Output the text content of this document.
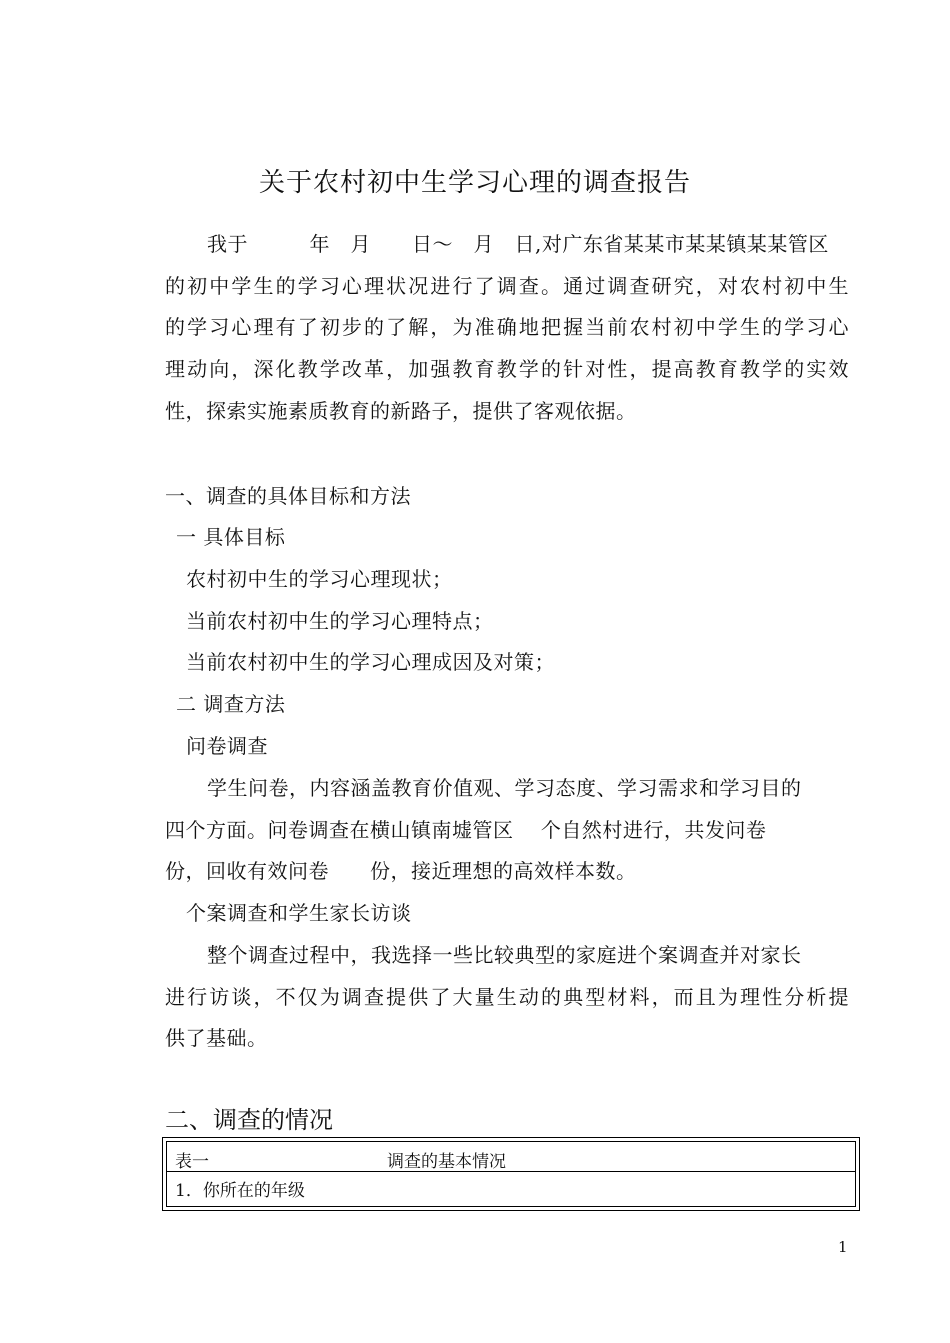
关于农村初中生学习心理的调查报告
我于　　　年　月　　日～　月　日,对广东省某某市某某镇某某管区
的初中学生的学习心理状况进行了调查。通过调查研究，对农村初中生
的学习心理有了初步的了解，为准确地把握当前农村初中学生的学习心
理动向，深化教学改革，加强教育教学的针对性，提高教育教学的实效
性，探索实施素质教育的新路子，提供了客观依据。
一、调查的具体目标和方法
一 具体目标
农村初中生的学习心理现状；
当前农村初中生的学习心理特点；
当前农村初中生的学习心理成因及对策；
二 调查方法
问卷调查
学生问卷，内容涵盖教育价值观、学习态度、学习需求和学习目的
四个方面。问卷调查在横山镇南墟管区　 个自然村进行，共发问卷
份，回收有效问卷　　份，接近理想的高效样本数。
个案调查和学生家长访谈
整个调查过程中，我选择一些比较典型的家庭进个案调查并对家长
进行访谈，不仅为调查提供了大量生动的典型材料，而且为理性分析提
供了基础。
二、调查的情况
表一	调查的基本情况
1．你所在的年级
1
